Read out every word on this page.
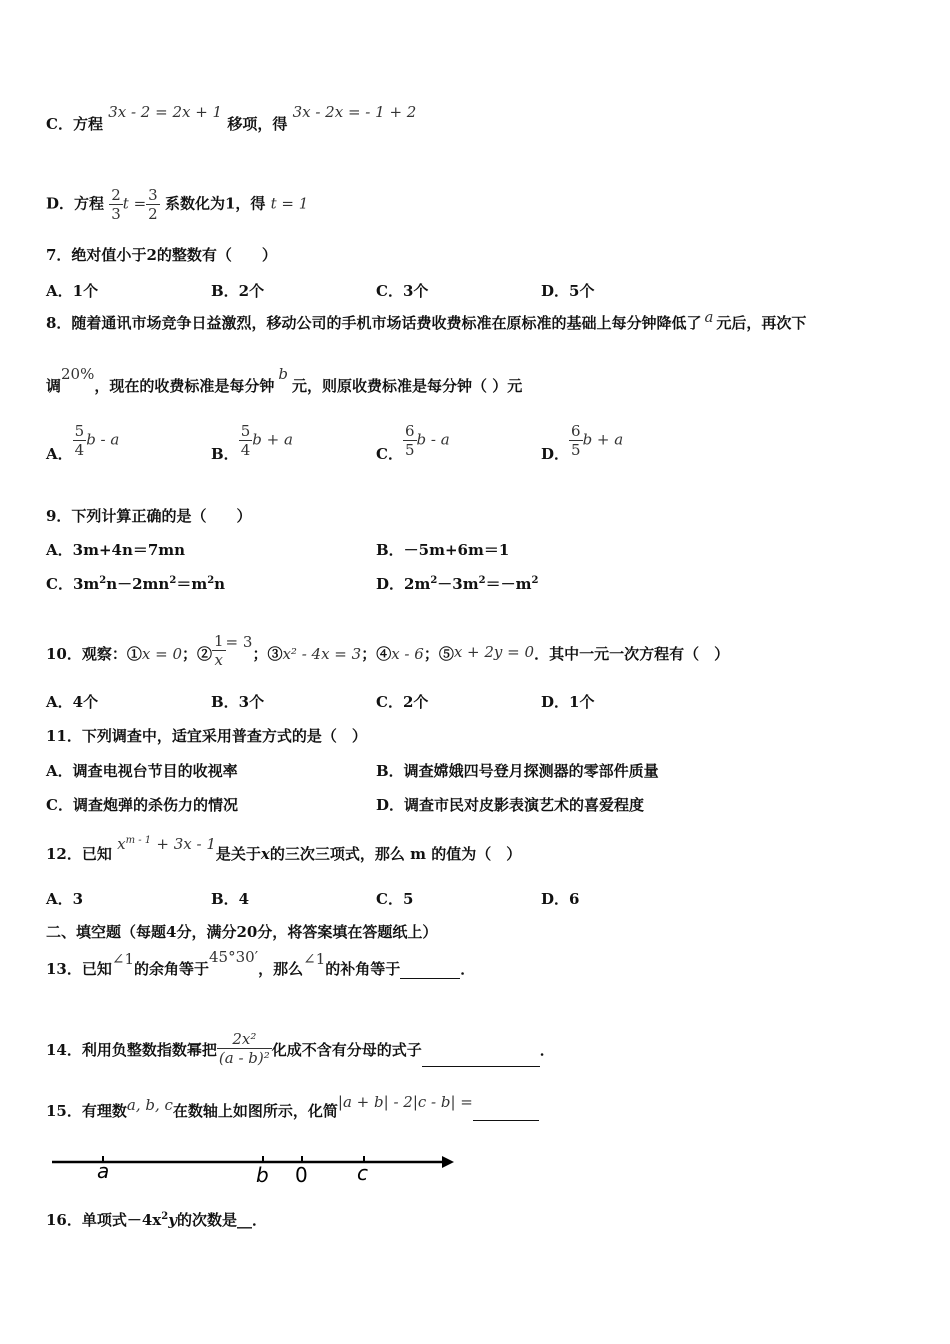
C．方程 3x - 2 = 2x + 1 移项，得 3x - 2x = - 1 + 2
D．方程 $\frac{2}{3}$ $t = \frac{3}{2}$ 系数化为1，得 t = 1
7．绝对值小于2的整数有（　　）
A．1个	B．2个	C．3个	D．5个
8．随着通讯市场竞争日益激烈，移动公司的手机市场话费收费标准在原标准的基础上每分钟降低了 a 元后，再次下
调20%，现在的收费标准是每分钟b元，则原收费标准是每分钟（ ）元
A． $\frac{5}{4}$ b - a
B． $\frac{5}{4}$ b + a
C． $\frac{6}{5}$ b - a
D． $\frac{6}{5}$ b + a
9．下列计算正确的是（　　）
A．3m+4n＝7mn	B．－5m+6m＝1
C．$3m^2n-2mn^2=m^2n$	D．$2m^2-3m^2=-m^2$
10．观察：①x = 0；② $\frac{1}{x} = 3$；③x² - 4x = 3；④x - 6；⑤x + 2y = 0．其中一元一次方程有（　）
A．4个	B．3个	C．2个	D．1个
11．下列调查中，适宜采用普查方式的是（　）
A．调查电视台节目的收视率	B．调查嫦娥四号登月探测器的零部件质量
C．调查炮弹的杀伤力的情况	D．调查市民对皮影表演艺术的喜爱程度
12．已知 $x^{m - 1} + 3x - 1$是关于x的三次三项式，那么 m 的值为（　）
A．3	B．4	C．5	D．6
二、填空题（每题4分，满分20分，将答案填在答题纸上）
13．已知∠1的余角等于45°30′，那么∠1的补角等于	．
14．利用负整数指数幂把 $\frac{\text{2x²}}{\text{(a - b)²}}$ 化成不含有分母的式子	．
15．有理数a, b, c在数轴上如图所示，化简|a + b| - 2|c - b| =
a	b 0 c
16．单项式$-4x^2y$的次数是__．
